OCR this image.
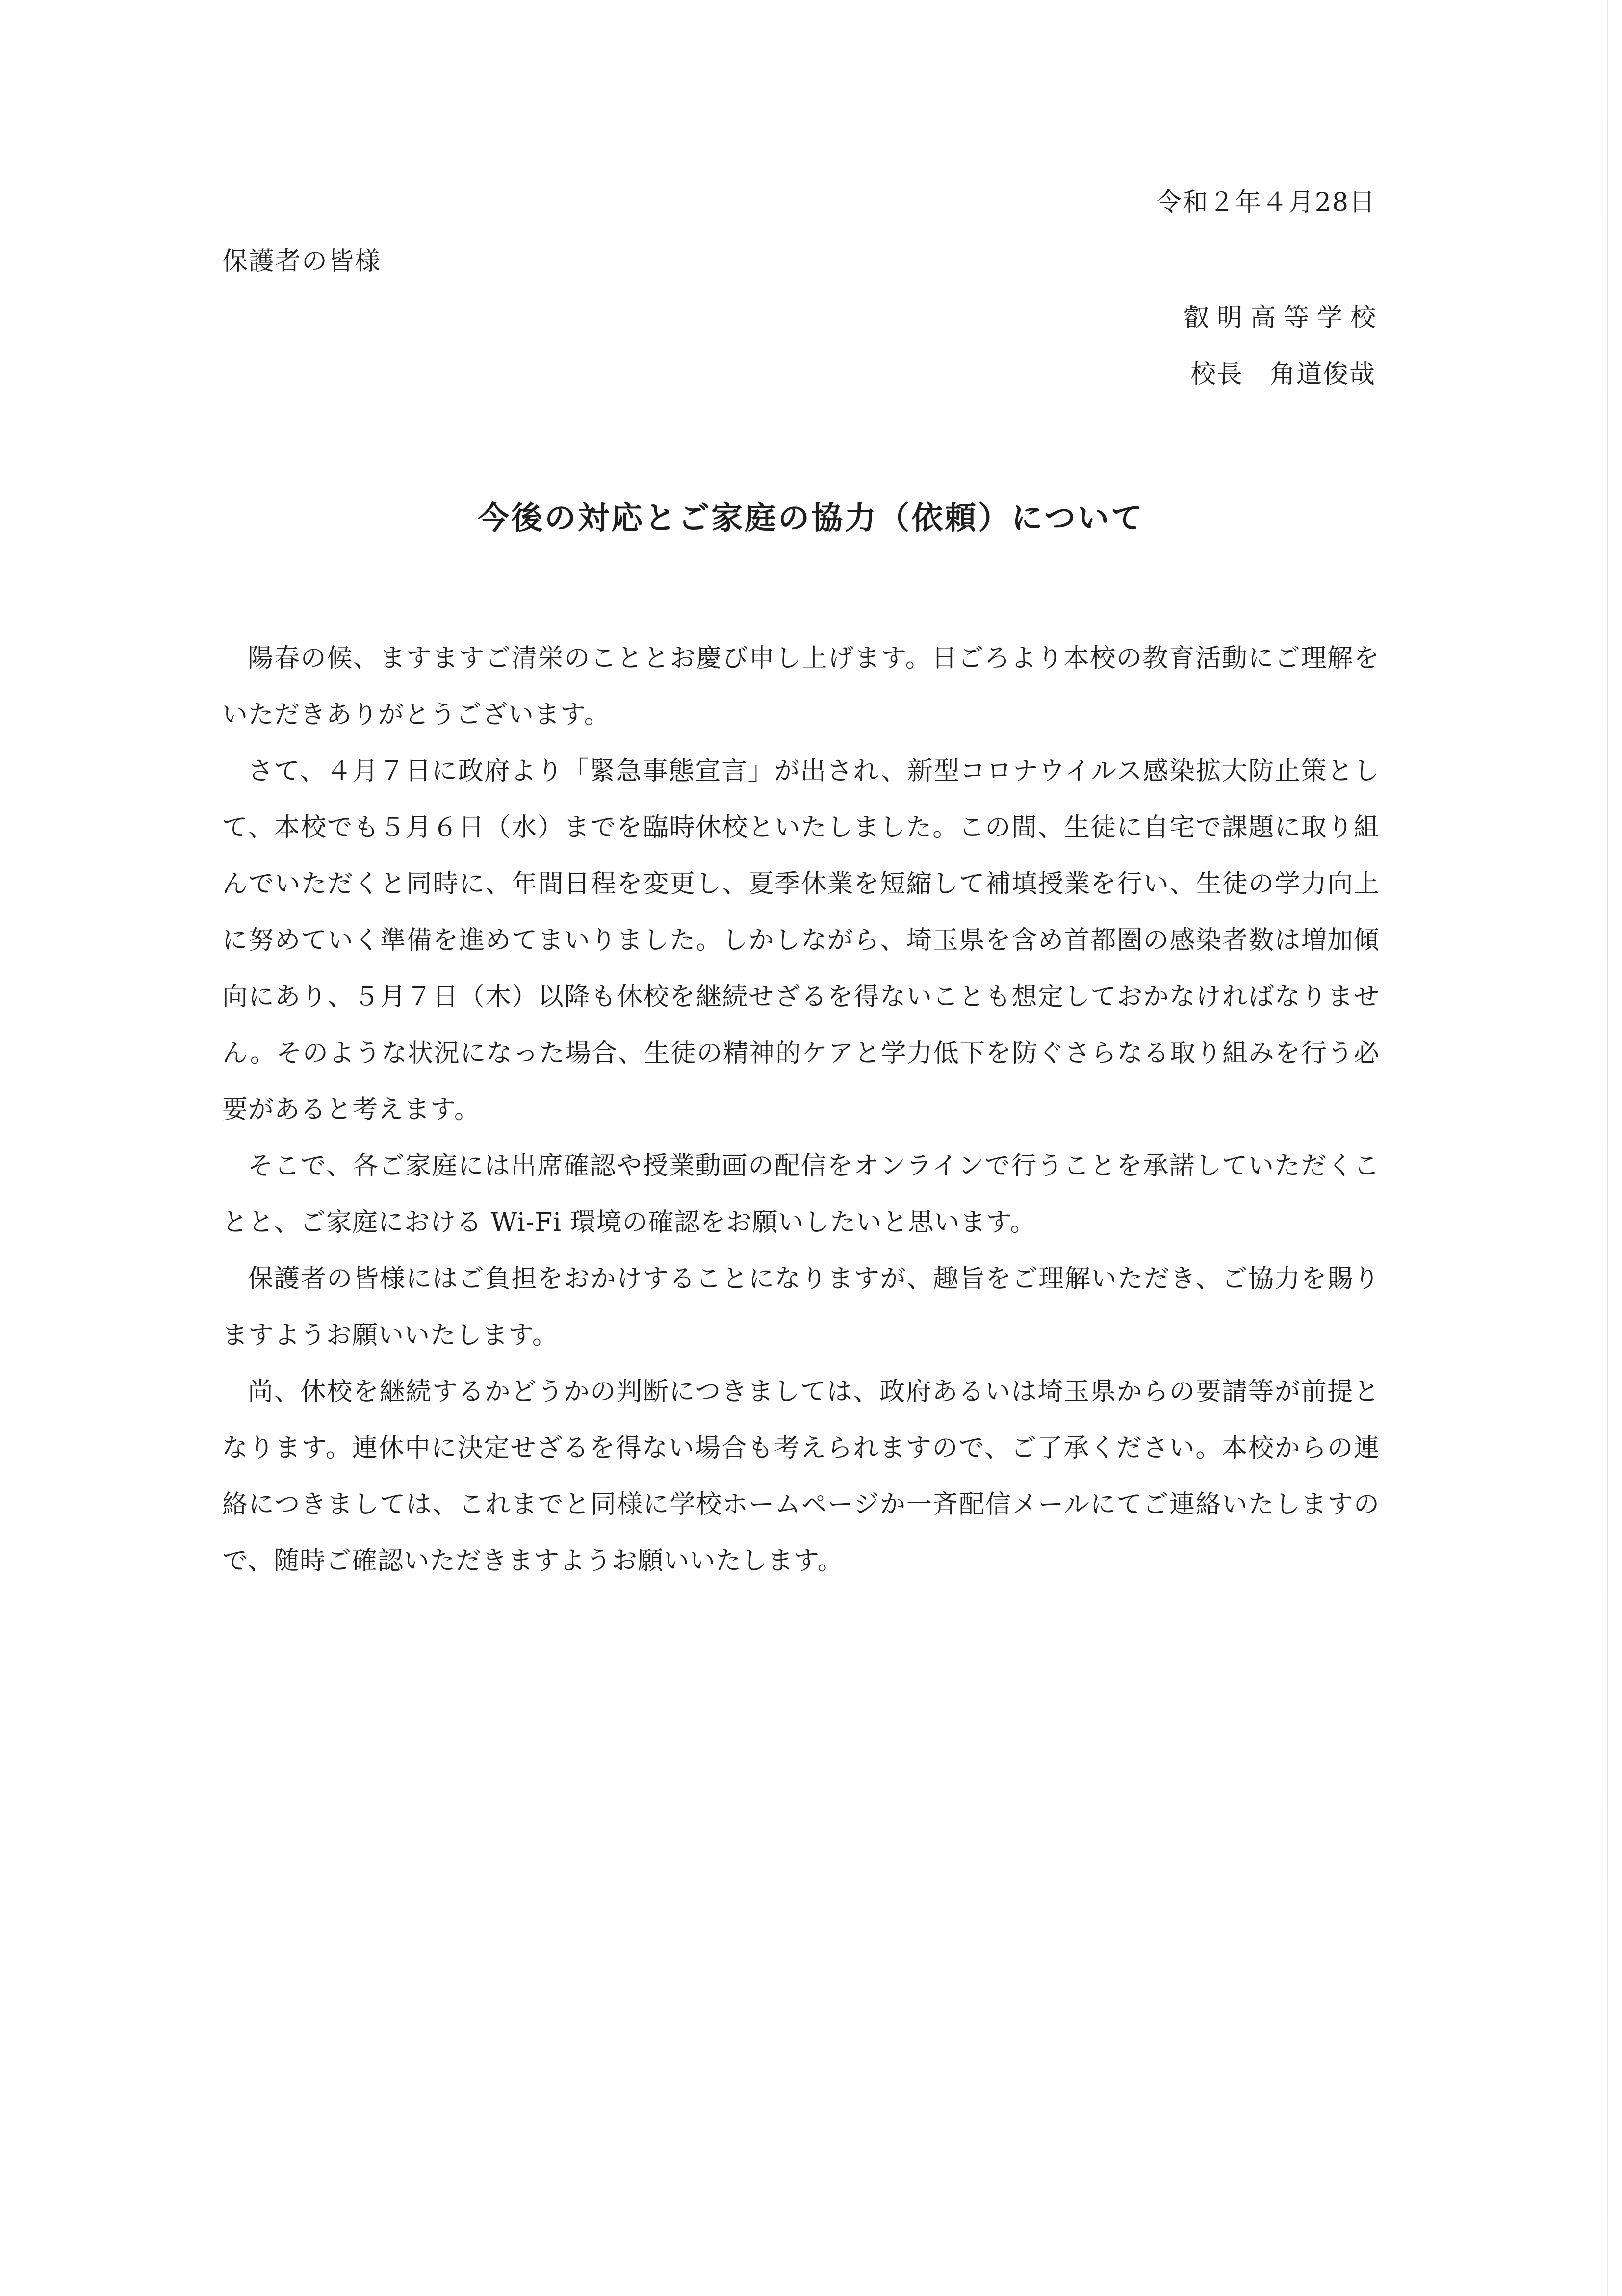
令和２年４月28日
保護者の皆様
叡明高等学校
校長　角道俊哉
今後の対応とご家庭の協力（依頼）について

陽春の候、ますますご清栄のこととお慶び申し上げます。日ごろより本校の教育活動にご理解をいただきありがとうございます。

さて、４月７日に政府より「緊急事態宣言」が出され、新型コロナウイルス感染拡大防止策として、本校でも５月６日（水）までを臨時休校といたしました。この間、生徒に自宅で課題に取り組んでいただくと同時に、年間日程を変更し、夏季休業を短縮して補填授業を行い、生徒の学力向上に努めていく準備を進めてまいりました。しかしながら、埼玉県を含め首都圏の感染者数は増加傾向にあり、５月７日（木）以降も休校を継続せざるを得ないことも想定しておかなければなりません。そのような状況になった場合、生徒の精神的ケアと学力低下を防ぐさらなる取り組みを行う必要があると考えます。

そこで、各ご家庭には出席確認や授業動画の配信をオンラインで行うことを承諾していただくことと、ご家庭における Wi-Fi 環境の確認をお願いしたいと思います。

保護者の皆様にはご負担をおかけすることになりますが、趣旨をご理解いただき、ご協力を賜りますようお願いいたします。

尚、休校を継続するかどうかの判断につきましては、政府あるいは埼玉県からの要請等が前提となります。連休中に決定せざるを得ない場合も考えられますので、ご了承ください。本校からの連絡につきましては、これまでと同様に学校ホームページか一斉配信メールにてご連絡いたしますので、随時ご確認いただきますようお願いいたします。
